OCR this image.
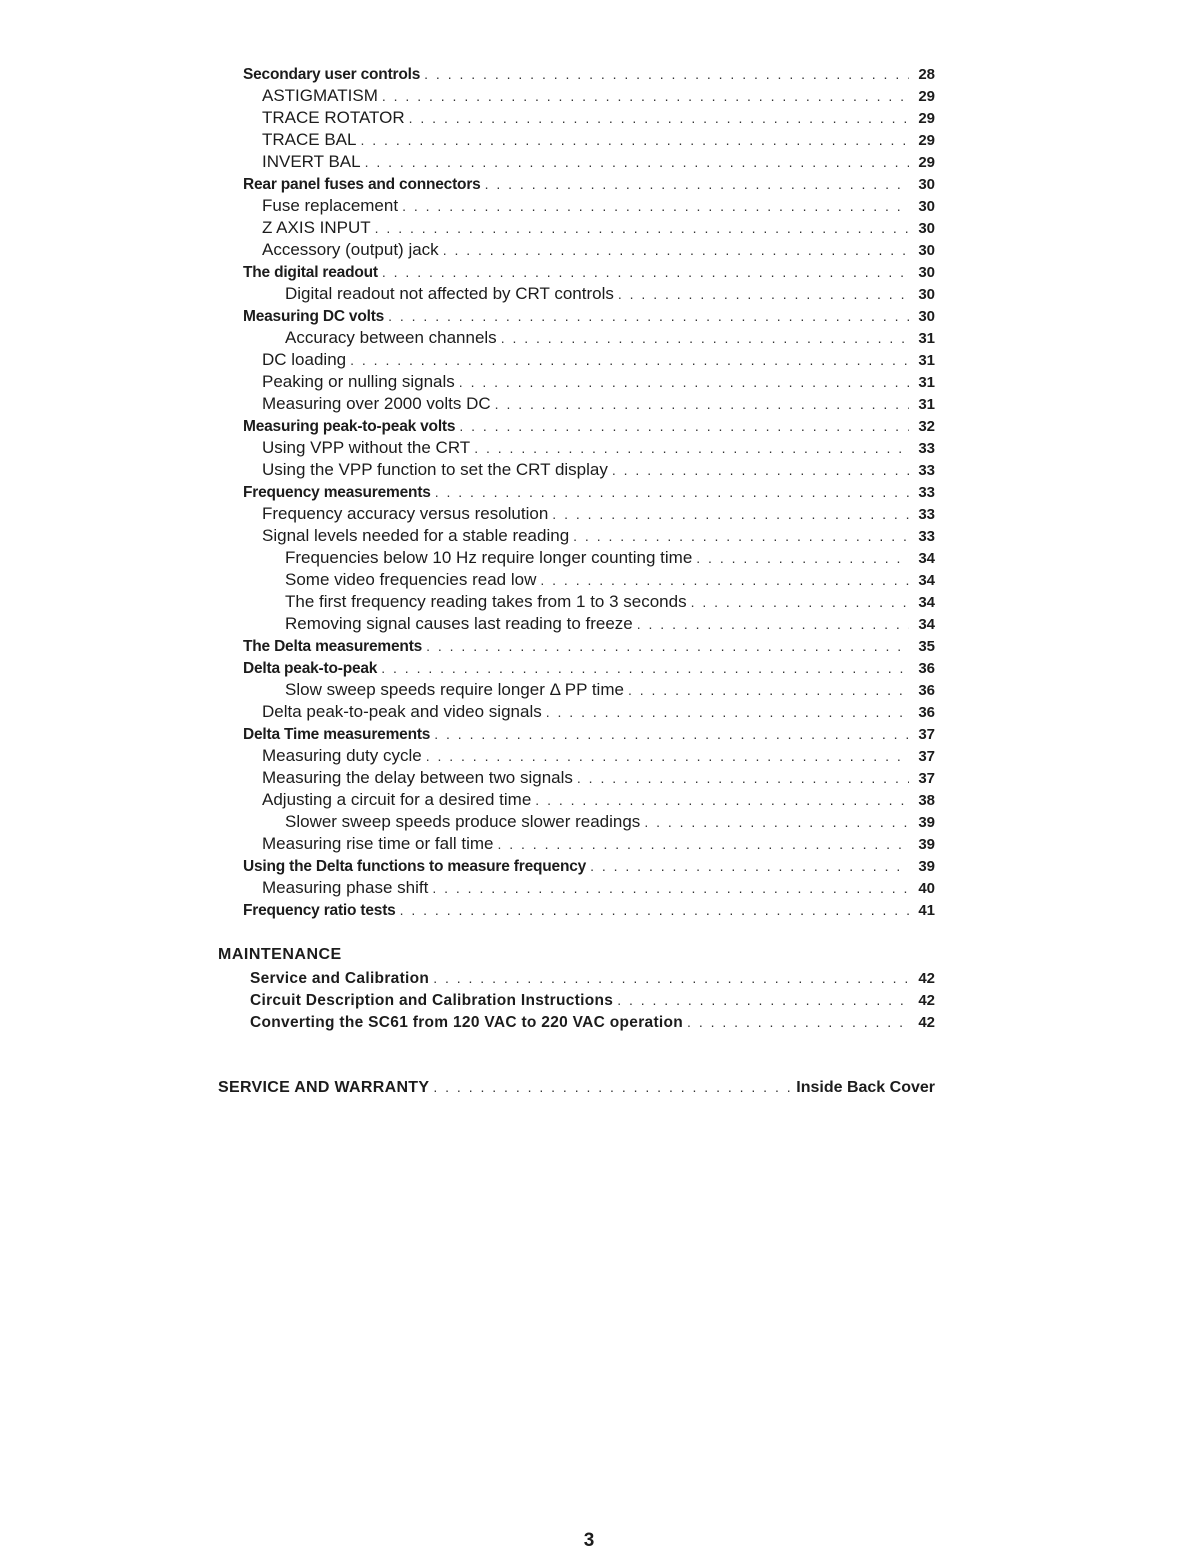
Secondary user controls . . .	28
ASTIGMATISM . . .	29
TRACE ROTATOR . . .	29
TRACE BAL . . .	29
INVERT BAL . . .	29
Rear panel fuses and connectors . . .	30
Fuse replacement . . .	30
Z AXIS INPUT . . .	30
Accessory (output) jack . . .	30
The digital readout . . .	30
Digital readout not affected by CRT controls . . .	30
Measuring DC volts . . .	30
Accuracy between channels . . .	31
DC loading . . .	31
Peaking or nulling signals . . .	31
Measuring over 2000 volts DC . . .	31
Measuring peak-to-peak volts . . .	32
Using VPP without the CRT . . .	33
Using the VPP function to set the CRT display . . .	33
Frequency measurements . . .	33
Frequency accuracy versus resolution . . .	33
Signal levels needed for a stable reading . . .	33
Frequencies below 10 Hz require longer counting time . . .	34
Some video frequencies read low . . .	34
The first frequency reading takes from 1 to 3 seconds . . .	34
Removing signal causes last reading to freeze . . .	34
The Delta measurements . . .	35
Delta peak-to-peak . . .	36
Slow sweep speeds require longer Δ PP time . . .	36
Delta peak-to-peak and video signals . . .	36
Delta Time measurements . . .	37
Measuring duty cycle . . .	37
Measuring the delay between two signals . . .	37
Adjusting a circuit for a desired time . . .	38
Slower sweep speeds produce slower readings . . .	39
Measuring rise time or fall time . . .	39
Using the Delta functions to measure frequency . . .	39
Measuring phase shift . . .	40
Frequency ratio tests . . .	41
MAINTENANCE
Service and Calibration . . .	42
Circuit Description and Calibration Instructions . . .	42
Converting the SC61 from 120 VAC to 220 VAC operation . . .	42
SERVICE AND WARRANTY . . .	Inside Back Cover
3
